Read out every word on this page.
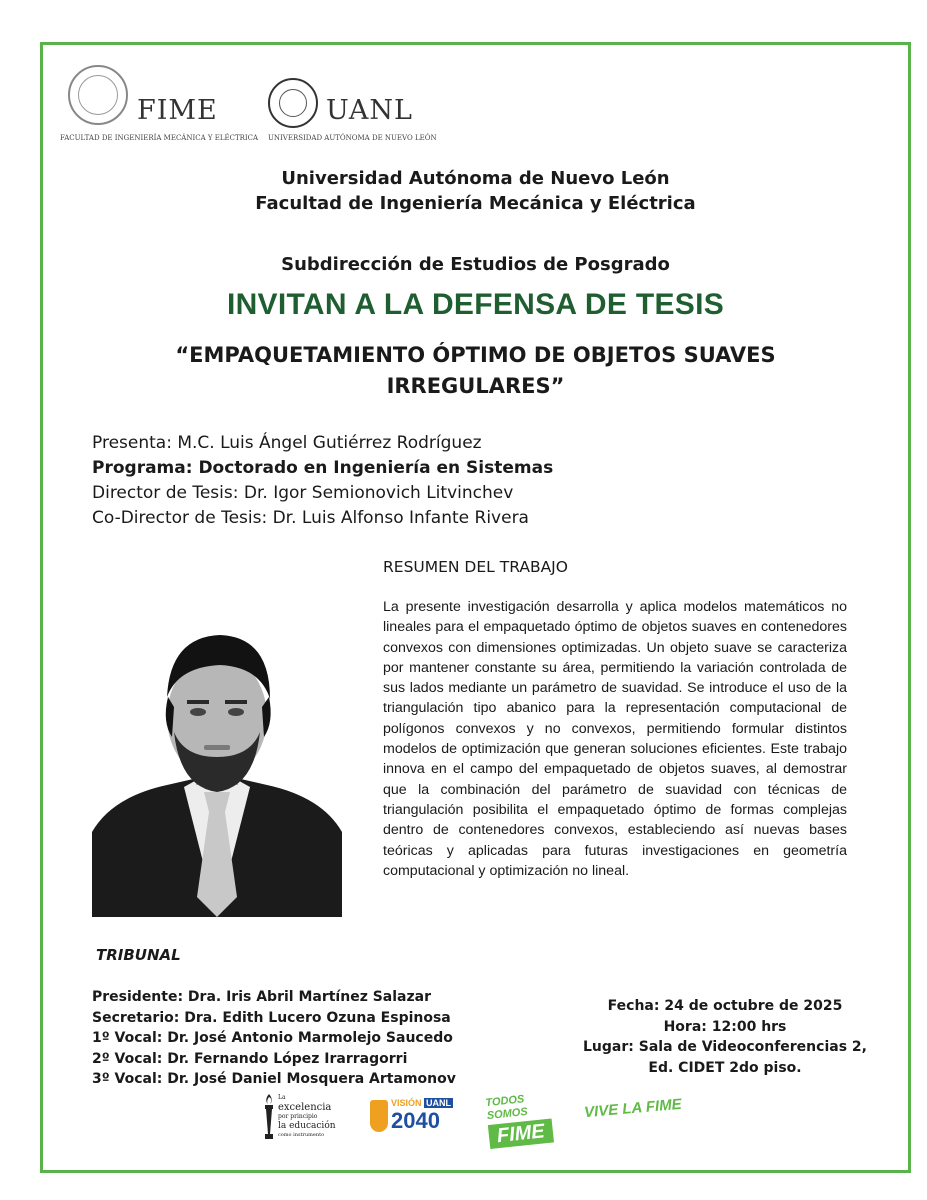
FIME
FACULTAD DE INGENIERÍA MECÁNICA Y ELÉCTRICA
UANL
UNIVERSIDAD AUTÓNOMA DE NUEVO LEÓN
Universidad Autónoma de Nuevo León
Facultad de Ingeniería Mecánica y Eléctrica
Subdirección de Estudios de Posgrado
INVITAN A LA DEFENSA DE TESIS
“EMPAQUETAMIENTO ÓPTIMO DE OBJETOS SUAVES
IRREGULARES”
Presenta: M.C. Luis Ángel Gutiérrez Rodríguez
Programa: Doctorado en Ingeniería en Sistemas
Director de Tesis: Dr. Igor Semionovich Litvinchev
Co-Director de Tesis: Dr. Luis Alfonso Infante Rivera
RESUMEN DEL TRABAJO
La presente investigación desarrolla y aplica modelos matemáticos no lineales para el empaquetado óptimo de objetos suaves en contenedores convexos con dimensiones optimizadas. Un objeto suave se caracteriza por mantener constante su área, permitiendo la variación controlada de sus lados mediante un parámetro de suavidad. Se introduce el uso de la triangulación tipo abanico para la representación computacional de polígonos convexos y no convexos, permitiendo formular distintos modelos de optimización que generan soluciones eficientes. Este trabajo innova en el campo del empaquetado de objetos suaves, al demostrar que la combinación del parámetro de suavidad con técnicas de triangulación posibilita el empaquetado óptimo de formas complejas dentro de contenedores convexos, estableciendo así nuevas bases teóricas y aplicadas para futuras investigaciones en geometría computacional y optimización no lineal.
TRIBUNAL
Presidente: Dra. Iris Abril Martínez Salazar
Secretario: Dra. Edith Lucero Ozuna Espinosa
1º Vocal: Dr. José Antonio Marmolejo Saucedo
2º Vocal: Dr. Fernando López Irarragorri
3º Vocal: Dr. José Daniel Mosquera Artamonov
Fecha: 24 de octubre de 2025
Hora: 12:00 hrs
Lugar: Sala de Videoconferencias 2,
Ed. CIDET 2do piso.
La
excelencia
por principio
la educación
como instrumento
VISIÓN UANL
2040
TODOS SOMOS
FIME
VIVE LA FIME
